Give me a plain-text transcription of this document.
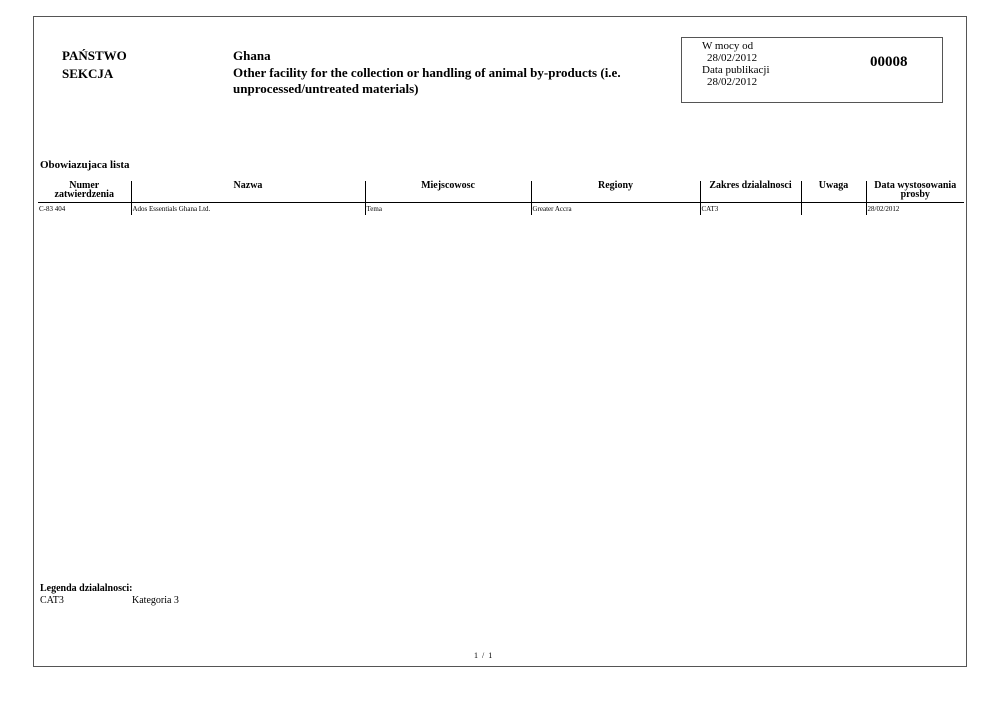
PAŃSTWO
SEKCJA
Ghana
Other facility for the collection or handling of animal by-products (i.e. unprocessed/untreated materials)
W mocy od
28/02/2012
Data publikacji
28/02/2012
00008
Obowiazujaca lista
Numer zatwierdzenia	Nazwa	Miejscowosc	Regiony	Zakres dzialalnosci	Uwaga	Data wystosowania prosby
C-83 404	Ados Essentials Ghana Ltd.	Tema	Greater Accra	CAT3		28/02/2012
Legenda dzialalnosci:
CAT3	Kategoria 3
1 / 1
